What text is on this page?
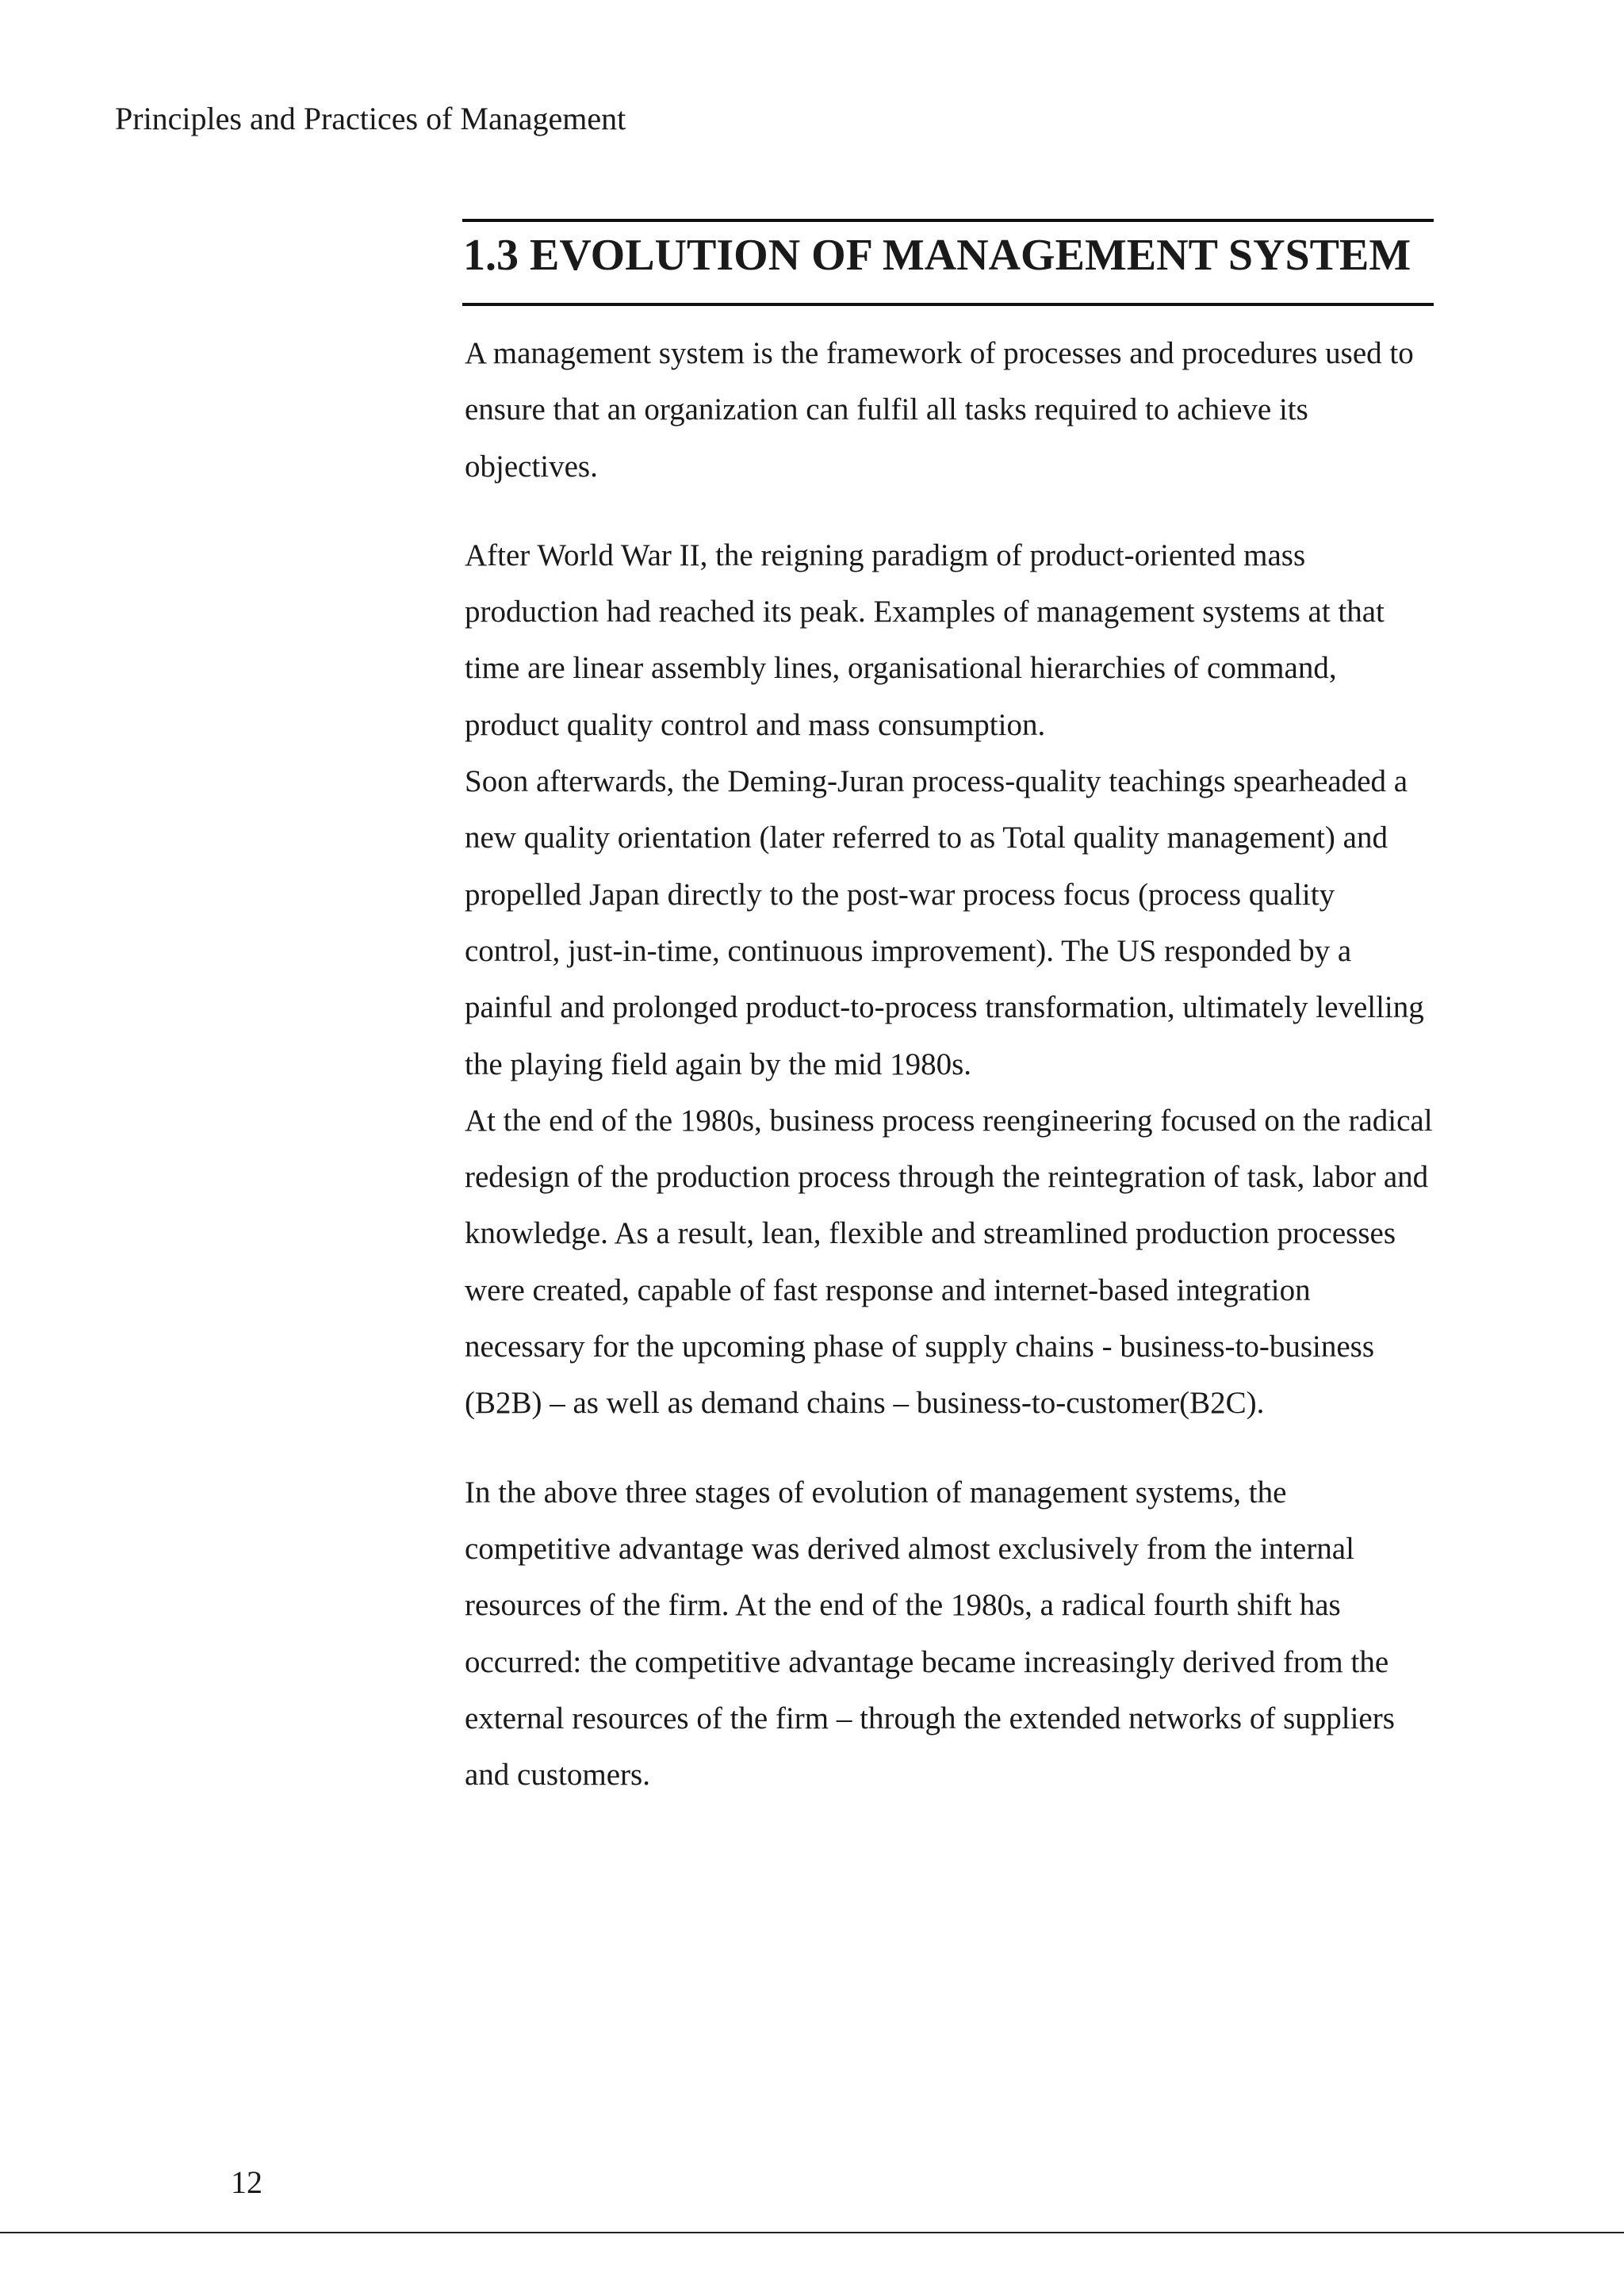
Principles and Practices of Management
1.3 EVOLUTION OF MANAGEMENT SYSTEM

A management system is the framework of processes and procedures used to ensure that an organization can fulfil all tasks required to achieve its objectives.

After World War II, the reigning paradigm of product-oriented mass production had reached its peak. Examples of management systems at that time are linear assembly lines, organisational hierarchies of command, product quality control and mass consumption.

Soon afterwards, the Deming-Juran process-quality teachings spearheaded a new quality orientation (later referred to as Total quality management) and propelled Japan directly to the post-war process focus (process quality control, just-in-time, continuous improvement). The US responded by a painful and prolonged product-to-process transformation, ultimately levelling the playing field again by the mid 1980s.

At the end of the 1980s, business process reengineering focused on the radical redesign of the production process through the reintegration of task, labor and knowledge. As a result, lean, flexible and streamlined production processes were created, capable of fast response and internet-based integration necessary for the upcoming phase of supply chains - business-to-business (B2B) – as well as demand chains – business-to-customer(B2C).

In the above three stages of evolution of management systems, the competitive advantage was derived almost exclusively from the internal resources of the firm. At the end of the 1980s, a radical fourth shift has occurred: the competitive advantage became increasingly derived from the external resources of the firm – through the extended networks of suppliers and customers.

12
